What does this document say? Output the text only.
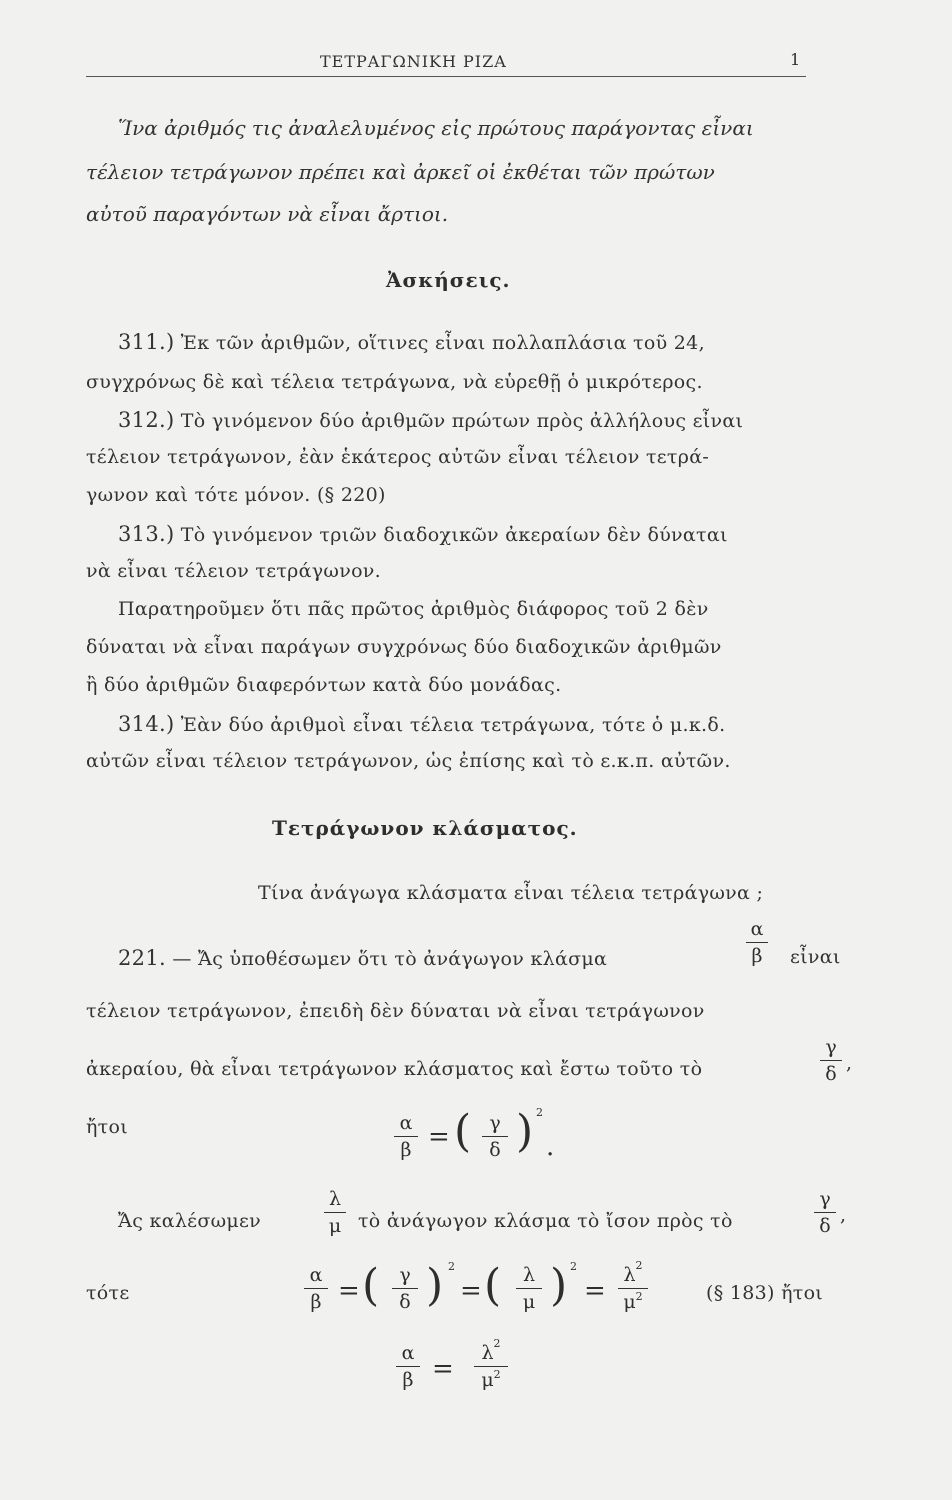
ΤΕΤΡΑΓΩΝΙΚΗ ΡΙΖΑ	1
Ἵνα ἀριθμός τις ἀναλελυμένος εἰς πρώτους παράγοντας εἶναι
τέλειον τετράγωνον πρέπει καὶ ἀρκεῖ οἱ ἐκθέται τῶν πρώτων
αὐτοῦ παραγόντων νὰ εἶναι ἄρτιοι.
Ἀσκήσεις.
311.) Ἐκ τῶν ἀριθμῶν, οἵτινες εἶναι πολλαπλάσια τοῦ 24,
συγχρόνως δὲ καὶ τέλεια τετράγωνα, νὰ εὑρεθῇ ὁ μικρότερος.
312.) Τὸ γινόμενον δύο ἀριθμῶν πρώτων πρὸς ἀλλήλους εἶναι
τέλειον τετράγωνον, ἐὰν ἑκάτερος αὐτῶν εἶναι τέλειον τετρά-
γωνον καὶ τότε μόνον. (§ 220)
313.) Τὸ γινόμενον τριῶν διαδοχικῶν ἀκεραίων δὲν δύναται
νὰ εἶναι τέλειον τετράγωνον.
Παρατηροῦμεν ὅτι πᾶς πρῶτος ἀριθμὸς διάφορος τοῦ 2 δὲν
δύναται νὰ εἶναι παράγων συγχρόνως δύο διαδοχικῶν ἀριθμῶν
ἢ δύο ἀριθμῶν διαφερόντων κατὰ δύο μονάδας.
314.) Ἐὰν δύο ἀριθμοὶ εἶναι τέλεια τετράγωνα, τότε ὁ μ.κ.δ.
αὐτῶν εἶναι τέλειον τετράγωνον, ὡς ἐπίσης καὶ τὸ ε.κ.π. αὐτῶν.
Τετράγωνον κλάσματος.
Τίνα ἀνάγωγα κλάσματα εἶναι τέλεια τετράγωνα ;
221. — Ἄς ὑποθέσωμεν ὅτι τὸ ἀνάγωγον κλάσμα
α
β εἶναι
τέλειον τετράγωνον, ἐπειδὴ δὲν δύναται νὰ εἶναι τετράγωνον
ἀκεραίου, θὰ εἶναι τετράγωνον κλάσματος καὶ ἔστω τοῦτο τὸ
γ
δ ,
ἤτοι	α
β = ( γ
δ ) 2
.
Ἄς καλέσωμεν
λ
μ τὸ ἀνάγωγον κλάσμα τὸ ἴσον πρὸς τὸ
γ
δ ,
τότε
α
β = ( γ
δ ) 2
= ( λ
μ ) 2
=
$\lambda^2$
$\mu^2$	(§ 183) ἤτοι
α
β =
$\lambda^2$
$\mu^2$
